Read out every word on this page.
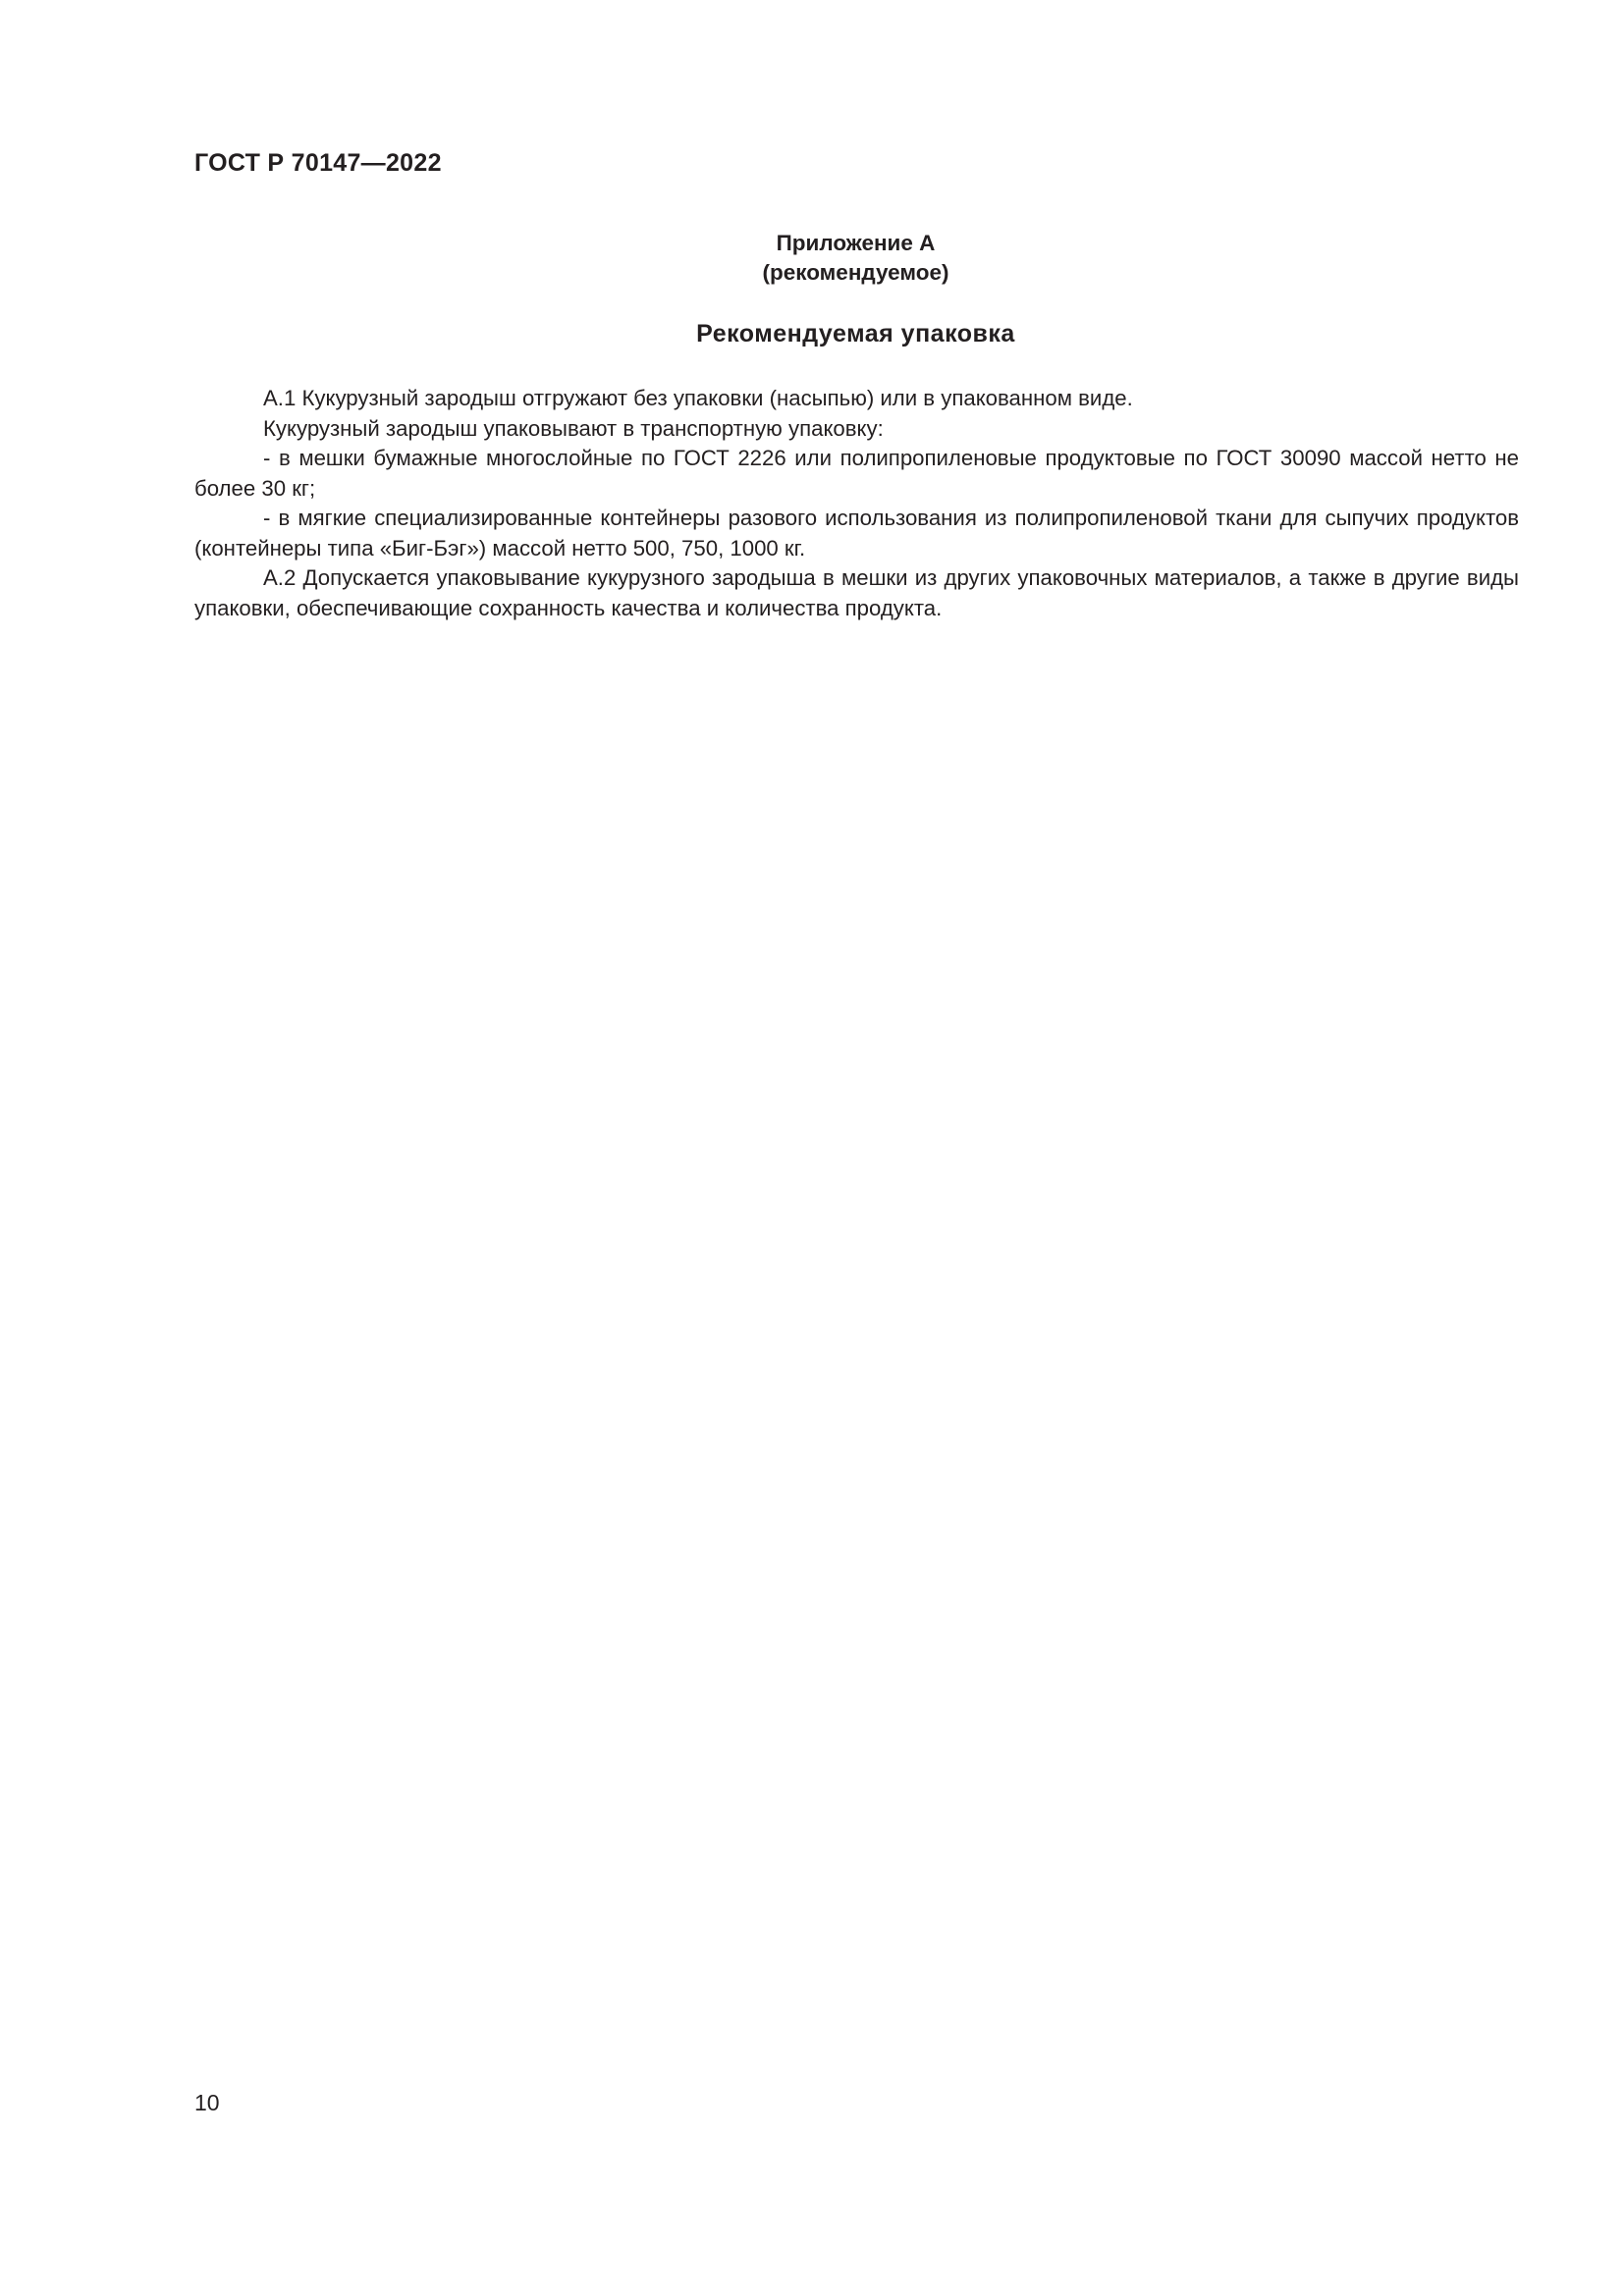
ГОСТ Р 70147—2022
Приложение А
(рекомендуемое)
Рекомендуемая упаковка

А.1 Кукурузный зародыш отгружают без упаковки (насыпью) или в упакованном виде.

Кукурузный зародыш упаковывают в транспортную упаковку:

- в мешки бумажные многослойные по ГОСТ 2226 или полипропиленовые продуктовые по ГОСТ 30090 массой нетто не более 30 кг;

- в мягкие специализированные контейнеры разового использования из полипропиленовой ткани для сыпучих продуктов (контейнеры типа «Биг-Бэг») массой нетто 500, 750, 1000 кг.

А.2 Допускается упаковывание кукурузного зародыша в мешки из других упаковочных материалов, а также в другие виды упаковки, обеспечивающие сохранность качества и количества продукта.

10
